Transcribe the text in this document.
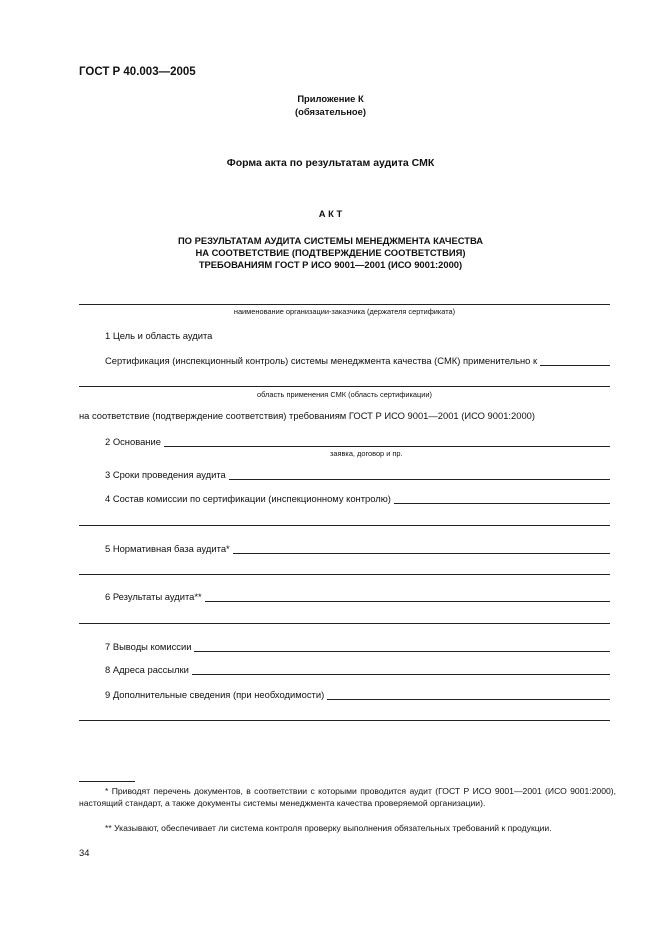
ГОСТ Р 40.003—2005
Приложение К
(обязательное)
Форма акта по результатам аудита СМК
А К Т
ПО РЕЗУЛЬТАТАМ АУДИТА СИСТЕМЫ МЕНЕДЖМЕНТА КАЧЕСТВА
НА СООТВЕТСТВИЕ (ПОДТВЕРЖДЕНИЕ СООТВЕТСТВИЯ)
ТРЕБОВАНИЯМ ГОСТ Р ИСО 9001—2001 (ИСО 9001:2000)
наименование организации-заказчика (держателя сертификата)
1 Цель и область аудита
Сертификация (инспекционный контроль) системы менеджмента качества (СМК) применительно к
область применения СМК (область сертификации)
на соответствие (подтверждение соответствия) требованиям ГОСТ Р ИСО 9001—2001 (ИСО 9001:2000)
2 Основание
заявка, договор и пр.
3 Сроки проведения аудита
4 Состав комиссии по сертификации (инспекционному контролю)
5 Нормативная база аудита*
6 Результаты аудита**
7 Выводы комиссии
8 Адреса рассылки
9 Дополнительные сведения (при необходимости)
* Приводят перечень документов, в соответствии с которыми проводится аудит (ГОСТ Р ИСО 9001—2001 (ИСО 9001:2000), настоящий стандарт, а также документы системы менеджмента качества проверяемой организации).
** Указывают, обеспечивает ли система контроля проверку выполнения обязательных требований к продукции.
34
